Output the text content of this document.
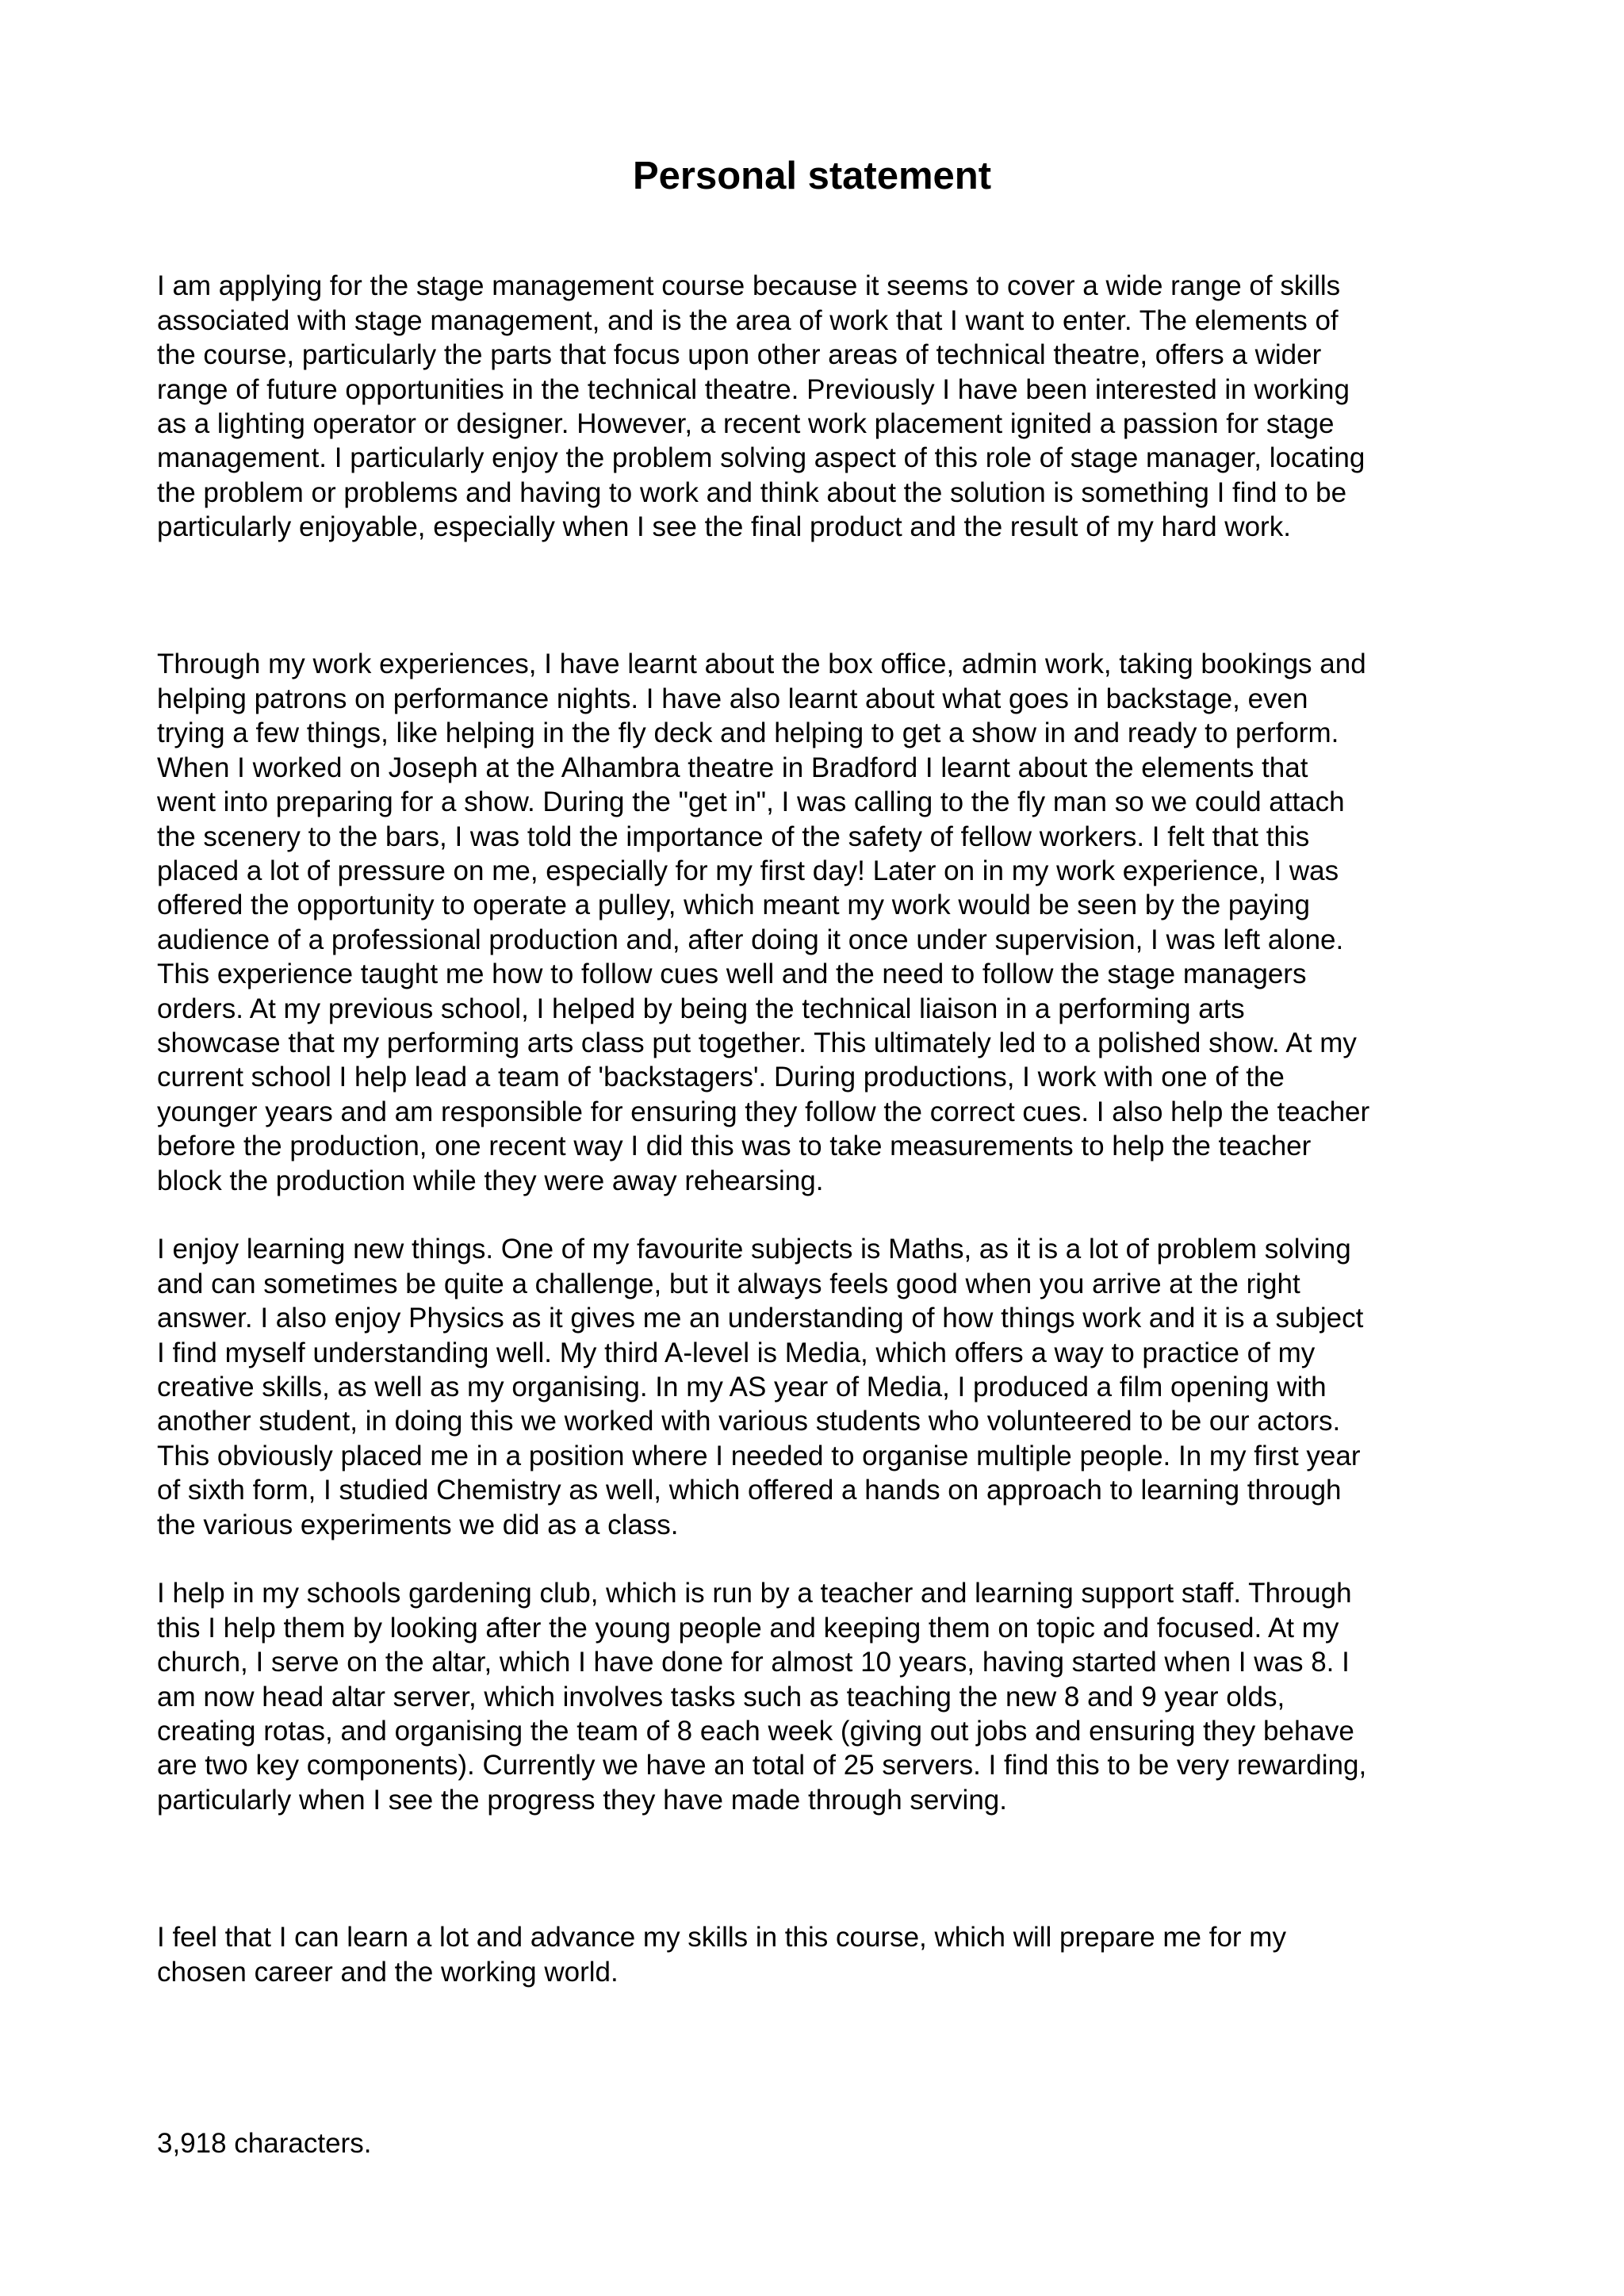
Personal statement

I am applying for the stage management course because it seems to cover a wide range of skills
associated with stage management, and is the area of work that I want to enter. The elements of
the course, particularly the parts that focus upon other areas of technical theatre, offers a wider
range of future opportunities in the technical theatre. Previously I have been interested in working
as a lighting operator or designer. However, a recent work placement ignited a passion for stage
management. I particularly enjoy the problem solving aspect of this role of stage manager, locating
the problem or problems and having to work and think about the solution is something I find to be
particularly enjoyable, especially when I see the final product and the result of my hard work.

Through my work experiences, I have learnt about the box office, admin work, taking bookings and
helping patrons on performance nights. I have also learnt about what goes in backstage, even
trying a few things, like helping in the fly deck and helping to get a show in and ready to perform.
When I worked on Joseph at the Alhambra theatre in Bradford I learnt about the elements that
went into preparing for a show. During the "get in", I was calling to the fly man so we could attach
the scenery to the bars, I was told the importance of the safety of fellow workers. I felt that this
placed a lot of pressure on me, especially for my first day! Later on in my work experience, I was
offered the opportunity to operate a pulley, which meant my work would be seen by the paying
audience of a professional production and, after doing it once under supervision, I was left alone.
This experience taught me how to follow cues well and the need to follow the stage managers
orders. At my previous school, I helped by being the technical liaison in a performing arts
showcase that my performing arts class put together. This ultimately led to a polished show. At my
current school I help lead a team of 'backstagers'. During productions, I work with one of the
younger years and am responsible for ensuring they follow the correct cues. I also help the teacher
before the production, one recent way I did this was to take measurements to help the teacher
block the production while they were away rehearsing.

I enjoy learning new things. One of my favourite subjects is Maths, as it is a lot of problem solving
and can sometimes be quite a challenge, but it always feels good when you arrive at the right
answer. I also enjoy Physics as it gives me an understanding of how things work and it is a subject
I find myself understanding well. My third A-level is Media, which offers a way to practice of my
creative skills, as well as my organising. In my AS year of Media, I produced a film opening with
another student, in doing this we worked with various students who volunteered to be our actors.
This obviously placed me in a position where I needed to organise multiple people. In my first year
of sixth form, I studied Chemistry as well, which offered a hands on approach to learning through
the various experiments we did as a class.

I help in my schools gardening club, which is run by a teacher and learning support staff. Through
this I help them by looking after the young people and keeping them on topic and focused. At my
church, I serve on the altar, which I have done for almost 10 years, having started when I was 8. I
am now head altar server, which involves tasks such as teaching the new 8 and 9 year olds,
creating rotas, and organising the team of 8 each week (giving out jobs and ensuring they behave
are two key components). Currently we have an total of 25 servers. I find this to be very rewarding,
particularly when I see the progress they have made through serving.

I feel that I can learn a lot and advance my skills in this course, which will prepare me for my
chosen career and the working world.

3,918 characters.
